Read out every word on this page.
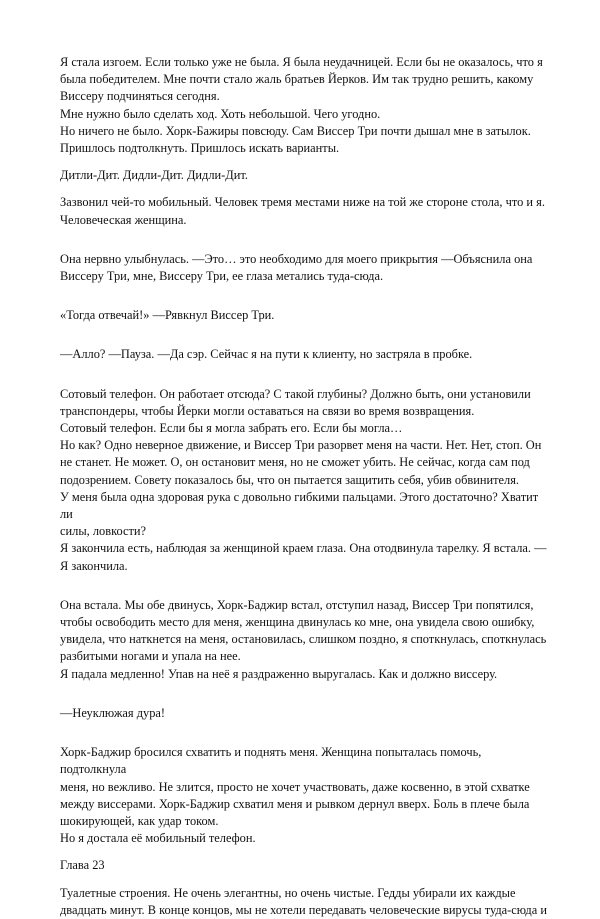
Я стала изгоем. Если только уже не была. Я была неудачницей. Если бы не оказалось, что я

была победителем. Мне почти стало жаль братьев Йерков. Им так трудно решить, какому

Виссеру подчиняться сегодня.

Мне нужно было сделать ход. Хоть небольшой. Чего угодно.

Но ничего не было. Хорк-Бажиры повсюду. Сам Виссер Три почти дышал мне в затылок.

Пришлось подтолкнуть. Пришлось искать варианты.

Дитли-Дит. Дидли-Дит. Дидли-Дит.

Зазвонил чей-то мобильный. Человек тремя местами ниже на той же стороне стола, что и я.

Человеческая женщина.

Она нервно улыбнулась. —Это… это необходимо для моего прикрытия —Объяснила она

Виссеру Три, мне, Виссеру Три, ее глаза метались туда-сюда.

«Тогда отвечай!» —Рявкнул Виссер Три.

—Алло? —Пауза. —Да сэр. Сейчас я на пути к клиенту, но застряла в пробке.

Сотовый телефон. Он работает отсюда? С такой глубины? Должно быть, они установили

транспондеры, чтобы Йерки могли оставаться на связи во время возвращения.

Сотовый телефон. Если бы я могла забрать его. Если бы могла…

Но как? Одно неверное движение, и Виссер Три разорвет меня на части. Нет. Нет, стоп. Он

не станет. Не может. О, он остановит меня, но не сможет убить. Не сейчас, когда сам под

подозрением. Совету показалось бы, что он пытается защитить себя, убив обвинителя.

У меня была одна здоровая рука с довольно гибкими пальцами. Этого достаточно? Хватит ли

силы, ловкости?

Я закончила есть, наблюдая за женщиной краем глаза. Она отодвинула тарелку. Я встала. —

Я закончила.

Она встала. Мы обе двинусь, Хорк-Баджир встал, отступил назад, Виссер Три попятился,

чтобы освободить место для меня, женщина двинулась ко мне, она увидела свою ошибку,

увидела, что наткнется на меня, остановилась, слишком поздно, я споткнулась, споткнулась

разбитыми ногами и упала на нее.

Я падала медленно! Упав на неё я раздраженно выругалась. Как и должно виссеру.

—Неуклюжая дура!

Хорк-Баджир бросился схватить и поднять меня. Женщина попыталась помочь, подтолкнула

меня, но вежливо. Не злится, просто не хочет участвовать, даже косвенно, в этой схватке

между виссерами. Хорк-Баджир схватил меня и рывком дернул вверх. Боль в плече была

шокирующей, как удар током.

Но я достала её мобильный телефон.

Глава 23

Туалетные строения. Не очень элегантны, но очень чистые. Гедды убирали их каждые

двадцать минут. В конце концов, мы не хотели передавать человеческие вирусы туда-сюда и
